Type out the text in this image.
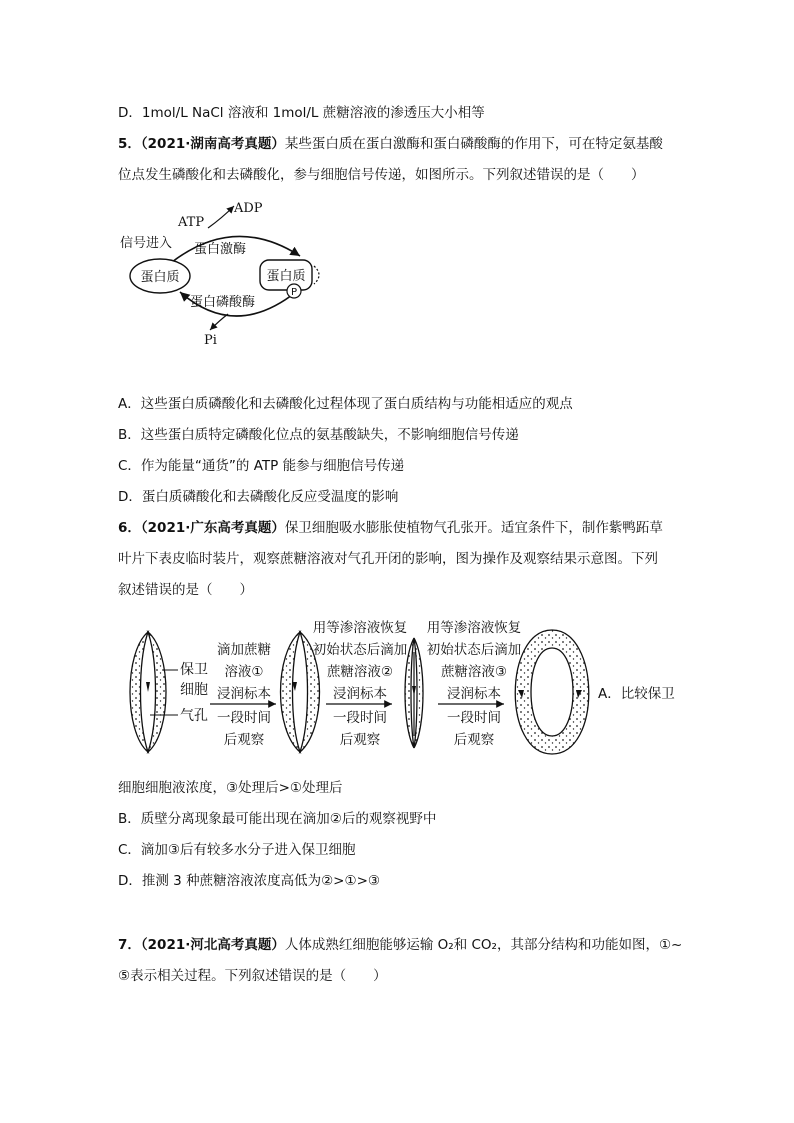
D．1mol/L NaCl 溶液和 1mol/L 蔗糖溶液的渗透压大小相等
5．（2021·湖南高考真题）某些蛋白质在蛋白激酶和蛋白磷酸酶的作用下，可在特定氨基酸
位点发生磷酸化和去磷酸化，参与细胞信号传递，如图所示。下列叙述错误的是（　　）
P
ATP
ADP
信号进入 蛋白激酶
蛋白质	蛋白质
蛋白磷酸酶
Pi
A．这些蛋白质磷酸化和去磷酸化过程体现了蛋白质结构与功能相适应的观点
B．这些蛋白质特定磷酸化位点的氨基酸缺失，不影响细胞信号传递
C．作为能量“通货”的 ATP 能参与细胞信号传递
D．蛋白质磷酸化和去磷酸化反应受温度的影响
6．（2021·广东高考真题）保卫细胞吸水膨胀使植物气孔张开。适宜条件下，制作紫鸭跖草
叶片下表皮临时装片，观察蔗糖溶液对气孔开闭的影响，图为操作及观察结果示意图。下列
叙述错误的是（　　）
保卫
细胞
气孔
滴加蔗糖
溶液①
浸润标本
一段时间
后观察
用等渗溶液恢复
初始状态后滴加
蔗糖溶液②
浸润标本
一段时间
后观察
用等渗溶液恢复
初始状态后滴加
蔗糖溶液③
浸润标本
一段时间
后观察
A．比较保卫
细胞细胞液浓度，③处理后>①处理后
B．质壁分离现象最可能出现在滴加②后的观察视野中
C．滴加③后有较多水分子进入保卫细胞
D．推测 3 种蔗糖溶液浓度高低为②>①>③
7．（2021·河北高考真题）人体成熟红细胞能够运输 O₂和 CO₂，其部分结构和功能如图，①~
⑤表示相关过程。下列叙述错误的是（　　）
